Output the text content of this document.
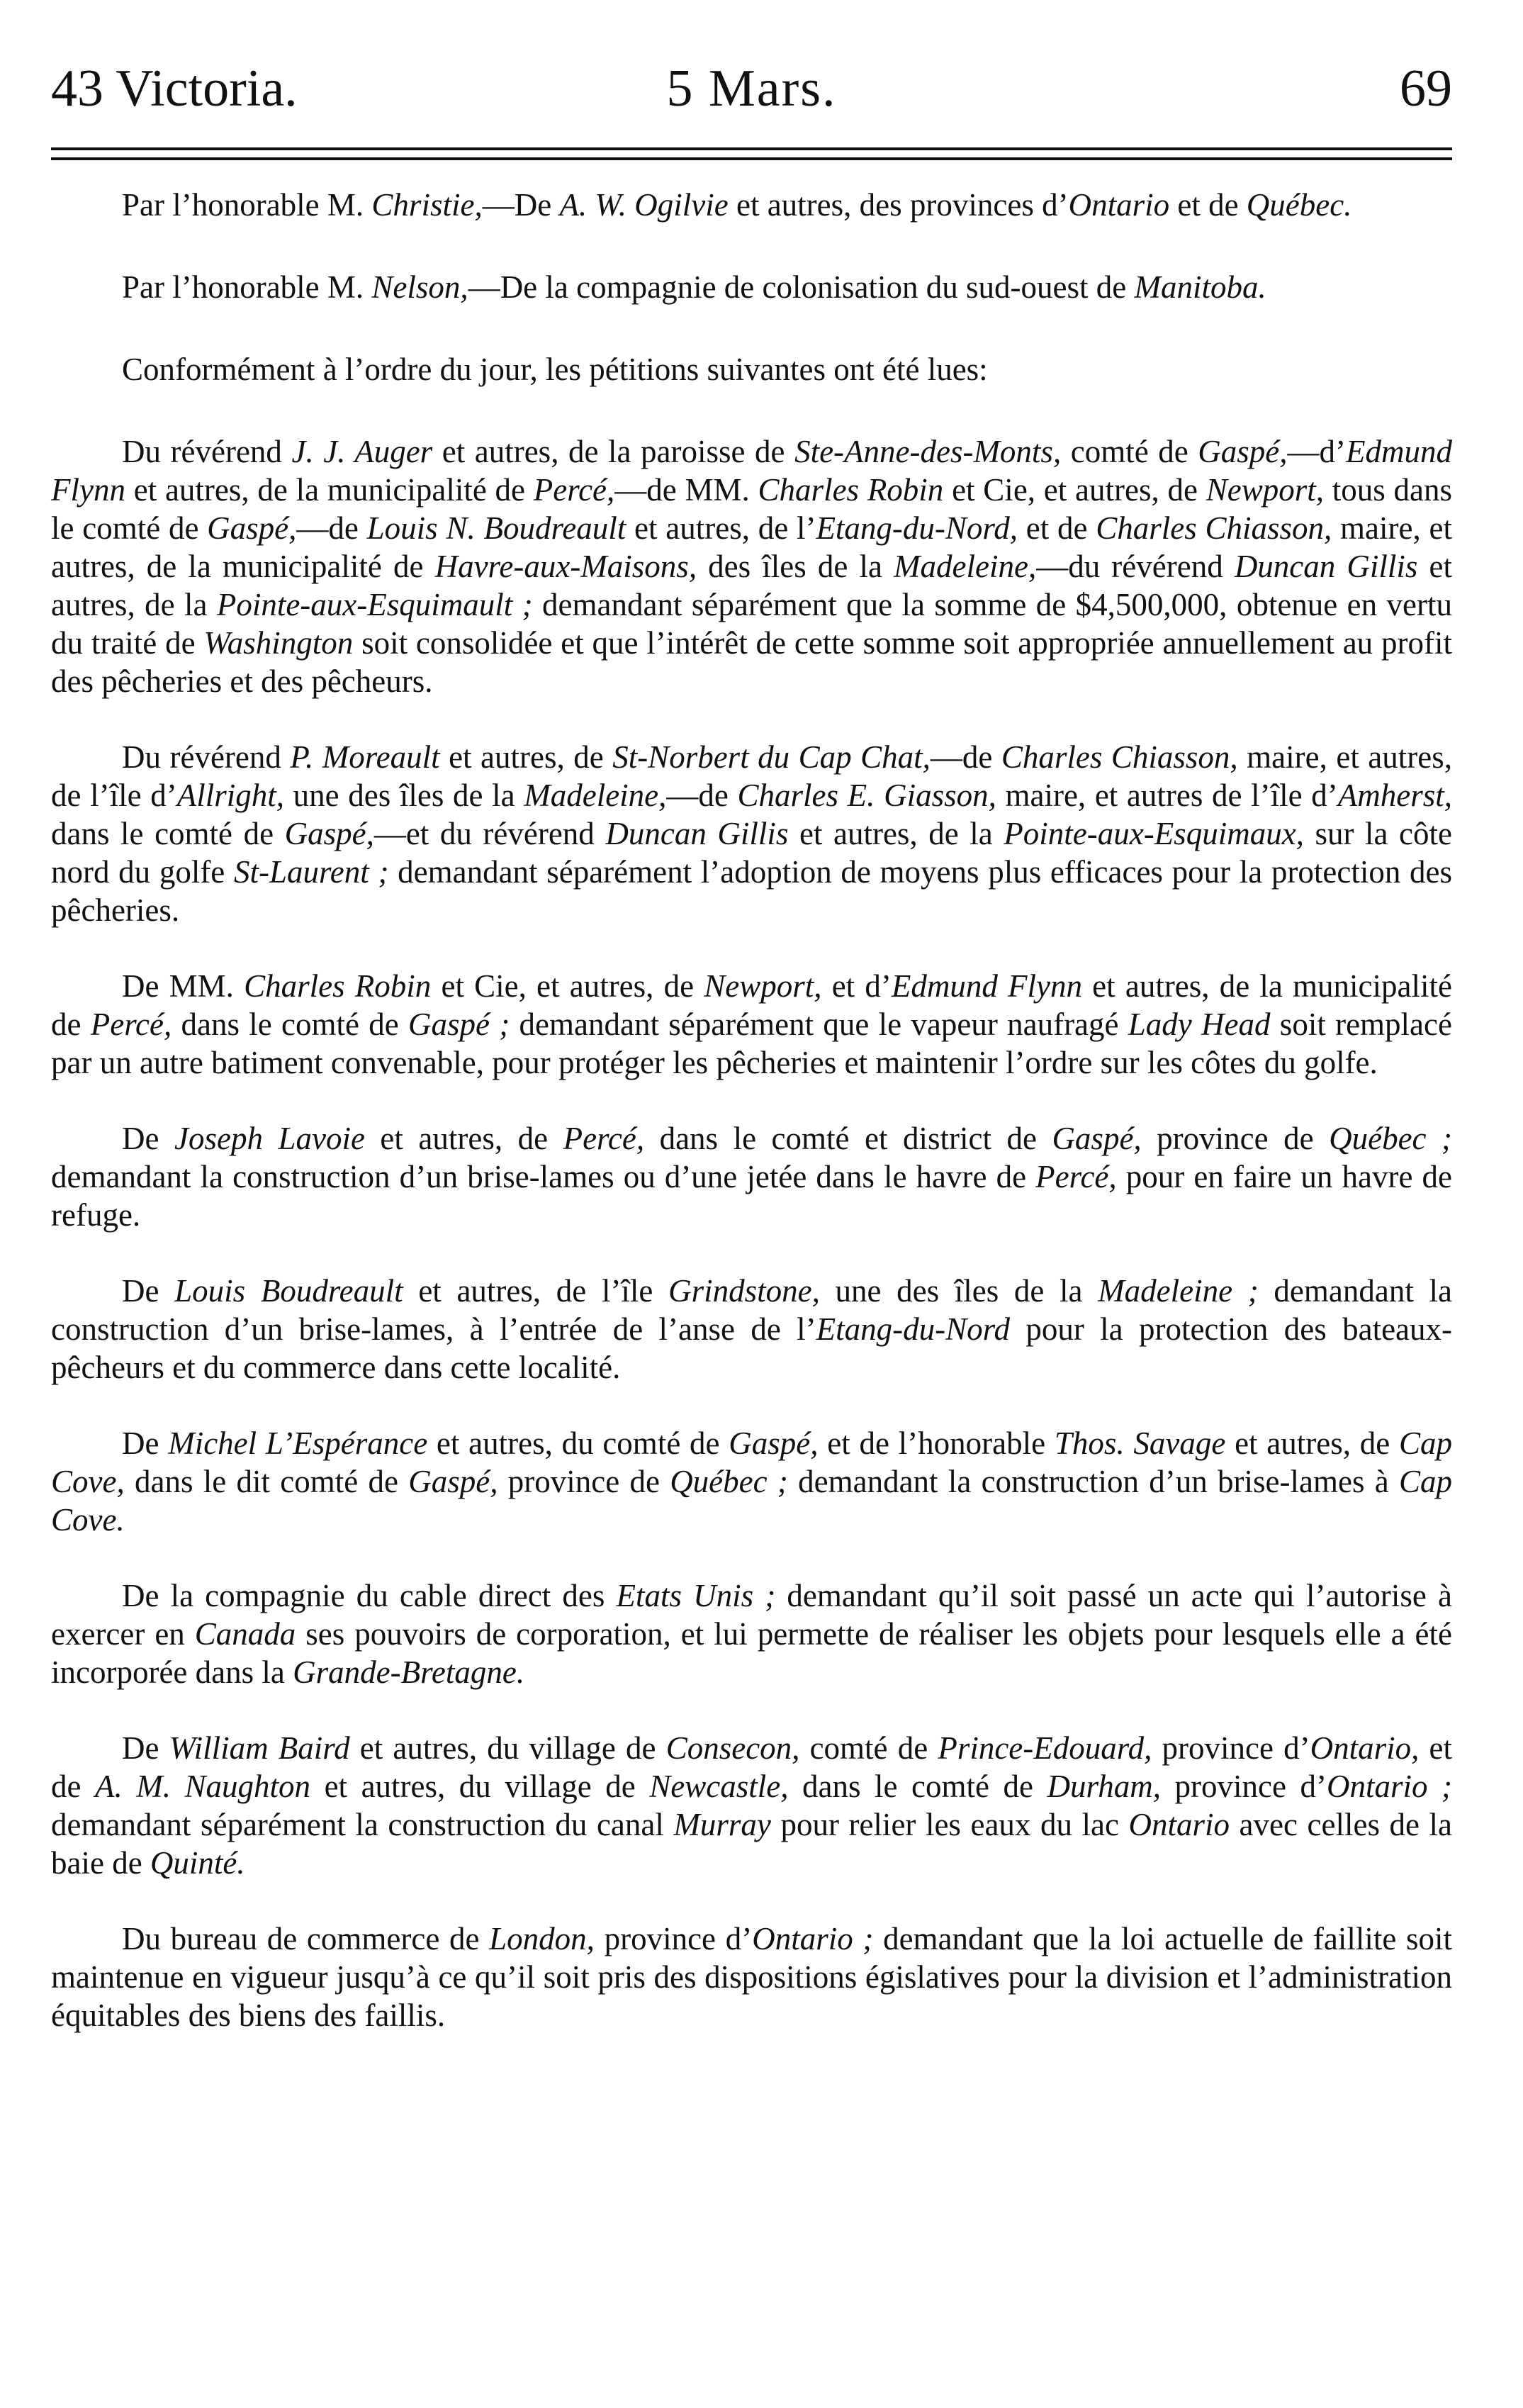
43 Victoria.	5 Mars.	69

Par l’honorable M. Christie,—De A. W. Ogilvie et autres, des provinces d’Ontario et de Québec.

Par l’honorable M. Nelson,—De la compagnie de colonisation du sud-ouest de Manitoba.

Conformément à l’ordre du jour, les pétitions suivantes ont été lues:

Du révérend J. J. Auger et autres, de la paroisse de Ste-Anne-des-Monts, comté de Gaspé,—d’Edmund Flynn et autres, de la municipalité de Percé,—de MM. Charles Robin et Cie, et autres, de Newport, tous dans le comté de Gaspé,—de Louis N. Boudreault et autres, de l’Etang-du-Nord, et de Charles Chiasson, maire, et autres, de la municipalité de Havre-aux-Maisons, des îles de la Madeleine,—du révérend Duncan Gillis et autres, de la Pointe-aux-Esquimault ; demandant séparément que la somme de $4,500,000, obtenue en vertu du traité de Washington soit consolidée et que l’intérêt de cette somme soit appropriée annuellement au profit des pêcheries et des pêcheurs.

Du révérend P. Moreault et autres, de St-Norbert du Cap Chat,—de Charles Chiasson, maire, et autres, de l’île d’Allright, une des îles de la Madeleine,—de Charles E. Giasson, maire, et autres de l’île d’Amherst, dans le comté de Gaspé,—et du révérend Duncan Gillis et autres, de la Pointe-aux-Esquimaux, sur la côte nord du golfe St-Laurent ; demandant séparément l’adoption de moyens plus efficaces pour la protection des pêcheries.

De MM. Charles Robin et Cie, et autres, de Newport, et d’Edmund Flynn et autres, de la municipalité de Percé, dans le comté de Gaspé ; demandant séparément que le vapeur naufragé Lady Head soit remplacé par un autre batiment convenable, pour protéger les pêcheries et maintenir l’ordre sur les côtes du golfe.

De Joseph Lavoie et autres, de Percé, dans le comté et district de Gaspé, province de Québec ; demandant la construction d’un brise-lames ou d’une jetée dans le havre de Percé, pour en faire un havre de refuge.

De Louis Boudreault et autres, de l’île Grindstone, une des îles de la Madeleine ; demandant la construction d’un brise-lames, à l’entrée de l’anse de l’Etang-du-Nord pour la protection des bateaux-pêcheurs et du commerce dans cette localité.

De Michel L’Espérance et autres, du comté de Gaspé, et de l’honorable Thos. Savage et autres, de Cap Cove, dans le dit comté de Gaspé, province de Québec ; demandant la construction d’un brise-lames à Cap Cove.

De la compagnie du cable direct des Etats Unis ; demandant qu’il soit passé un acte qui l’autorise à exercer en Canada ses pouvoirs de corporation, et lui permette de réaliser les objets pour lesquels elle a été incorporée dans la Grande-Bretagne.

De William Baird et autres, du village de Consecon, comté de Prince-Edouard, province d’Ontario, et de A. M. Naughton et autres, du village de Newcastle, dans le comté de Durham, province d’Ontario ; demandant séparément la construction du canal Murray pour relier les eaux du lac Ontario avec celles de la baie de Quinté.

Du bureau de commerce de London, province d’Ontario ; demandant que la loi actuelle de faillite soit maintenue en vigueur jusqu’à ce qu’il soit pris des dispositions égislatives pour la division et l’administration équitables des biens des faillis.
